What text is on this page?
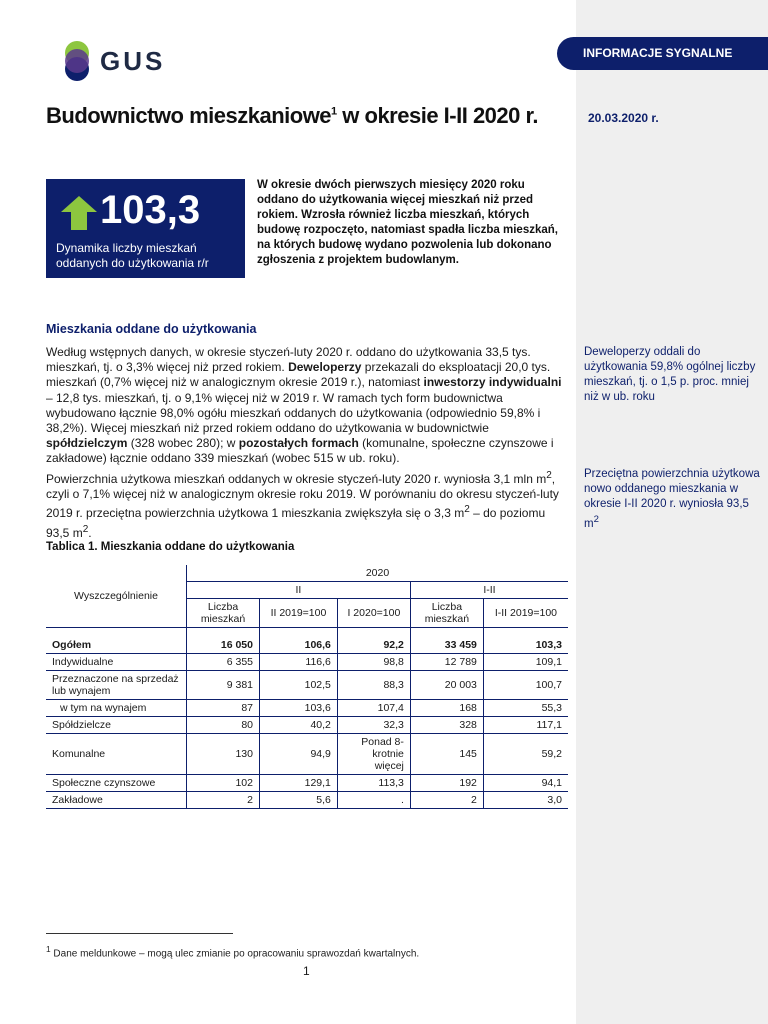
GUS	INFORMACJE SYGNALNE
Budownictwo mieszkaniowe$^1$ w okresie I-II 2020 r.	20.03.2020 r.
103,3
Dynamika liczby mieszkań oddanych do użytkowania r/r
W okresie dwóch pierwszych miesięcy 2020 roku oddano do użytkowania więcej mieszkań niż przed rokiem. Wzrosła również liczba mieszkań, których budowę rozpoczęto, natomiast spadła liczba mieszkań, na których budowę wydano pozwolenia lub dokonano zgłoszenia z projektem budowlanym.
Mieszkania oddane do użytkowania
Według wstępnych danych, w okresie styczeń-luty 2020 r. oddano do użytkowania 33,5 tys. mieszkań, tj. o 3,3% więcej niż przed rokiem. Deweloperzy przekazali do eksploatacji 20,0 tys. mieszkań (0,7% więcej niż w analogicznym okresie 2019 r.), natomiast inwestorzy indywidualni – 12,8 tys. mieszkań, tj. o 9,1% więcej niż w 2019 r. W ramach tych form budownictwa wybudowano łącznie 98,0% ogółu mieszkań oddanych do użytkowania (odpowiednio 59,8% i 38,2%). Więcej mieszkań niż przed rokiem oddano do użytkowania w budownictwie spółdzielczym (328 wobec 280); w pozostałych formach (komunalne, społeczne czynszowe i zakładowe) łącznie oddano 339 mieszkań (wobec 515 w ub. roku).
Powierzchnia użytkowa mieszkań oddanych w okresie styczeń-luty 2020 r. wyniosła 3,1 mln $m^2$, czyli o 7,1% więcej niż w analogicznym okresie roku 2019. W porównaniu do okresu styczeń-luty 2019 r. przeciętna powierzchnia użytkowa 1 mieszkania zwiększyła się o 3,3 $m^2$ – do poziomu 93,5 $m^2$.
Deweloperzy oddali do użytkowania 59,8% ogólnej liczby mieszkań, tj. o 1,5 p. proc. mniej niż w ub. roku
Przeciętna powierzchnia użytkowa nowo oddanego mieszkania w okresie I-II 2020 r. wyniosła 93,5 $m^2$
Tablica 1. Mieszkania oddane do użytkowania
Wyszczególnienie	2020				
	II			I-II	
	Liczba mieszkań	II 2019=100	I 2020=100	Liczba mieszkań	I-II 2019=100

Ogółem	16 050	106,6	92,2	33 459	103,3
Indywidualne	6 355	116,6	98,8	12 789	109,1
Przeznaczone na sprzedaż lub wynajem	9 381	102,5	88,3	20 003	100,7
w tym na wynajem	87	103,6	107,4	168	55,3
Spółdzielcze	80	40,2	32,3	328	117,1
Komunalne	130	94,9	Ponad 8-krotnie więcej	145	59,2
Społeczne czynszowe	102	129,1	113,3	192	94,1
Zakładowe	2	5,6	.	2	3,0
$^1$ Dane meldunkowe – mogą ulec zmianie po opracowaniu sprawozdań kwartalnych.
1
